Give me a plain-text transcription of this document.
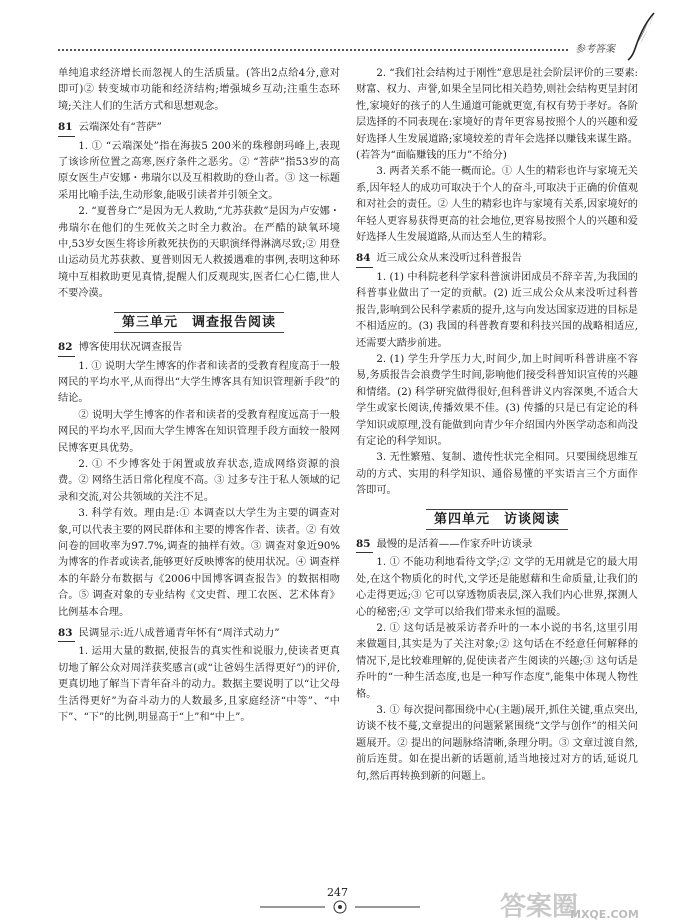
参考答案

单纯追求经济增长而忽视人的生活质量。(答出2点给4分,意对即可)② 转变城市功能和经济结构;增强城乡互动;注重生态环境;关注人们的生活方式和思想观念。

81 云端深处有“菩萨”

1. ① “云端深处”指在海拔5 200米的珠穆朗玛峰上,表现了该诊所位置之高寒,医疗条件之恶劣。② “菩萨”指53岁的高原女医生卢安娜・弗瑞尔以及互相救助的登山者。③ 这一标题采用比喻手法,生动形象,能吸引读者并引领全文。

2. “夏普身亡”是因为无人救助,“尤苏获救”是因为卢安娜・弗瑞尔在他们的生死攸关之时全力救治。在严酷的缺氧环境中,53岁女医生将诊所救死扶伤的天职演绎得淋漓尽致;② 用登山运动员尤苏获救、夏普则因无人救援遇难的事例,表明这种环境中互相救助更见真情,提醒人们反观现实,医者仁心仁德,世人不要冷漠。

第三单元　调查报告阅读
82 博客使用状况调查报告

1. ① 说明大学生博客的作者和读者的受教育程度高于一般网民的平均水平,从而得出“大学生博客具有知识管理新手段”的结论。

② 说明大学生博客的作者和读者的受教育程度远高于一般网民的平均水平,因而大学生博客在知识管理手段方面较一般网民博客更具优势。

2. ① 不少博客处于闲置或放弃状态,造成网络资源的浪费。② 网络生活日常化程度不高。③ 过多专注于私人领域的记录和交流,对公共领域的关注不足。

3. 科学有效。理由是:① 本调查以大学生为主要的调查对象,可以代表主要的网民群体和主要的博客作者、读者。② 有效问卷的回收率为97.7%,调查的抽样有效。③ 调查对象近90%为博客的作者或读者,能够更好反映博客的使用状况。④ 调查样本的年龄分布数据与《2006中国博客调查报告》的数据相吻合。⑤ 调查对象的专业结构《文史哲、理工农医、艺术体育》比例基本合理。

83 民调显示:近八成普通青年怀有“周洋式动力”

1. 运用大量的数据,使报告的真实性和说服力,使读者更真切地了解公众对周洋获奖感言(或“让爸妈生活得更好”)的评价,更真切地了解当下青年奋斗的动力。数据主要说明了以“让父母生活得更好”为奋斗动力的人数最多,且家庭经济“中等”、“中下”、“下”的比例,明显高于“上”和“中上”。

2. “我们社会结构过于刚性”意思是社会阶层评价的三要素:财富、权力、声誉,如果全呈同比相关趋势,则社会结构更呈封闭性,家境好的孩子的人生通道可能就更宽,有权有势于孝好。各阶层选择的不同表现在:家境好的青年更容易按照个人的兴趣和爱好选择人生发展道路;家境较差的青年会选择以赚钱来谋生路。(若答为“面临赚钱的压力”不给分)

3. 两者关系不能一概而论。① 人生的精彩也许与家境无关系,因年轻人的成功可取决于个人的奋斗,可取决于正确的价值观和对社会的责任。② 人生的精彩也许与家境有关系,因家境好的年轻人更容易获得更高的社会地位,更容易按照个人的兴趣和爱好选择人生发展道路,从而达至人生的精彩。

84 近三成公众从来没听过科普报告

1. (1) 中科院老科学家科普演讲团成员不辞辛苦,为我国的科普事业做出了一定的贡献。(2) 近三成公众从来没听过科普报告,影响到公民科学素质的提升,这与向发达国家迈进的目标是不相适应的。(3) 我国的科普教育要和科技兴国的战略相适应,还需要大踏步前进。

2. (1) 学生升学压力大,时间少,加上时间听科普讲座不容易,务质报告会浪费学生时间,影响他们接受科普知识宣传的兴趣和情绪。(2) 科学研究做得很好,但科普讲义内容深奥,不适合大学生或家长阅读,传播效果不佳。(3) 传播的只是已有定论的科学知识或原理,没有能做到向青少年介绍国内外医学动态和尚没有定论的科学知识。

3. 无性繁殖、复制、遗传性状完全相同。只要围绕思维互动的方式、实用的科学知识、通俗易懂的平实语言三个方面作答即可。

第四单元　访谈阅读
85 最慢的是活着——作家乔叶访谈录

1. ① 不能功利地看待文学;② 文学的无用就是它的最大用处,在这个物质化的时代,文学还是能慰藉和生命质量,让我们的心走得更远;③ 它可以穿透物质表层,深入我们内心世界,探测人心的秘密;④ 文学可以给我们带来永恒的温暖。

2. ① 这句话是被采访者乔叶的一本小说的书名,这里引用来做题目,其实是为了关注对象;② 这句话在不经意任何解释的情况下,是比较难理解的,促使读者产生阅读的兴趣;③ 这句话是乔叶的“一种生活态度,也是一种写作态度”,能集中体现人物性格。

3. ① 每次提问都围绕中心(主题)展开,抓住关键,重点突出,访谈不枝不蔓,文章提出的问题紧紧围绕“文学与创作”的相关问题展开。② 提出的问题脉络清晰,条理分明。③ 文章过渡自然,前后连贯。如在提出新的话题前,适当地接过对方的话,延说几句,然后再转换到新的问题上。

247	答案圈
MXQE.COM
